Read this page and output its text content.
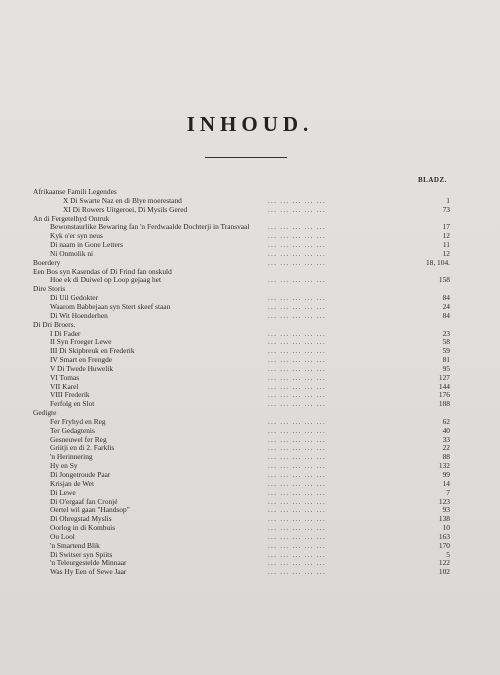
INHOUD.
BLADZ.
Afrikaanse Famili Legendes
X Di Swarte Naz en di Blye moerestand	... ... ... ... ...	1
XI Di Rowers Uitgeroei, Di Mysils Gered	... ... ... ... ...	73
An di Fergetelhyd Ontruk
Bewonstaurlike Bewaring fan 'n Ferdwaalde Dochterji in Transvaal	... ... ... ... ...	17
Kyk o'er syn neus	... ... ... ... ...	12
Di naam in Gone Letters	... ... ... ... ...	11
Ni Onmolik ni	... ... ... ... ...	12
Boerdery	... ... ... ... ...	18, 104.
Een Bos syn Kasendas of Di Frind fan onskuld
Hoe ek di Duiwel op Loop gejaag het	... ... ... ... ...	158
Dire Storis
Di Uil Gedokter	... ... ... ... ...	84
Waarom Babbejaan syn Stert skeef staan	... ... ... ... ...	24
Di Wit Hoenderhen	... ... ... ... ...	84
Di Dri Broers.
I Di Fader	... ... ... ... ...	23
II Syn Froeger Lewe	... ... ... ... ...	58
III Di Skipbreuk en Frederik	... ... ... ... ...	59
IV Smart en Frengde	... ... ... ... ...	81
V Di Twede Huwelik	... ... ... ... ...	95
VI Tomas	... ... ... ... ...	127
VII Karel	... ... ... ... ...	144
VIII Frederik	... ... ... ... ...	176
Ferfolg en Slot	... ... ... ... ...	188
Gedigte
Fer Fryhyd en Reg	... ... ... ... ...	62
Ter Gedagtenis	... ... ... ... ...	40
Gesneuwel fer Reg	... ... ... ... ...	33
Griitji en di 2. Farklis	... ... ... ... ...	22
'n Herinnering	... ... ... ... ...	88
Hy en Sy	... ... ... ... ...	132
Di Jongetroude Paar	... ... ... ... ...	99
Krisjan de Wet	... ... ... ... ...	14
Di Lewe	... ... ... ... ...	7
Di O'ergaaf fan Cronjé	... ... ... ... ...	123
Oertel wil gaan "Handsop"	... ... ... ... ...	93
Di Ohregstad Myslis	... ... ... ... ...	138
Oorlog in di Kombuis	... ... ... ... ...	10
Ou Lool	... ... ... ... ...	163
'n Smartend Blik	... ... ... ... ...	170
Di Switser syn Spiits	... ... ... ... ...	5
'n Teleurgestelde Minnaar	... ... ... ... ...	122
Was Hy Een of Sewe Jaar	... ... ... ... ...	102
